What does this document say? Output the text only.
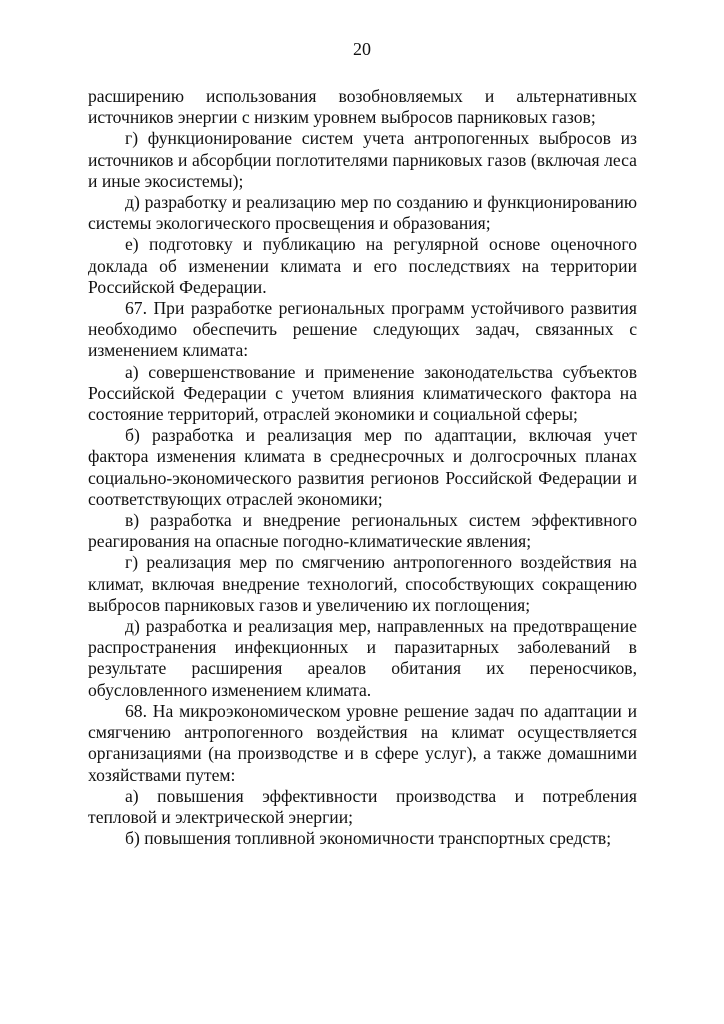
20

расширению использования возобновляемых и альтернативных источников энергии с низким уровнем выбросов парниковых газов;

г) функционирование систем учета антропогенных выбросов из источников и абсорбции поглотителями парниковых газов (включая леса и иные экосистемы);

д) разработку и реализацию мер по созданию и функционированию системы экологического просвещения и образования;

е) подготовку и публикацию на регулярной основе оценочного доклада об изменении климата и его последствиях на территории Российской Федерации.

67. При разработке региональных программ устойчивого развития необходимо обеспечить решение следующих задач, связанных с изменением климата:

а) совершенствование и применение законодательства субъектов Российской Федерации с учетом влияния климатического фактора на состояние территорий, отраслей экономики и социальной сферы;

б) разработка и реализация мер по адаптации, включая учет фактора изменения климата в среднесрочных и долгосрочных планах социально-экономического развития регионов Российской Федерации и соответствующих отраслей экономики;

в) разработка и внедрение региональных систем эффективного реагирования на опасные погодно-климатические явления;

г) реализация мер по смягчению антропогенного воздействия на климат, включая внедрение технологий, способствующих сокращению выбросов парниковых газов и увеличению их поглощения;

д) разработка и реализация мер, направленных на предотвращение распространения инфекционных и паразитарных заболеваний в результате расширения ареалов обитания их переносчиков, обусловленного изменением климата.

68. На микроэкономическом уровне решение задач по адаптации и смягчению антропогенного воздействия на климат осуществляется организациями (на производстве и в сфере услуг), а также домашними хозяйствами путем:

а) повышения эффективности производства и потребления тепловой и электрической энергии;

б) повышения топливной экономичности транспортных средств;
